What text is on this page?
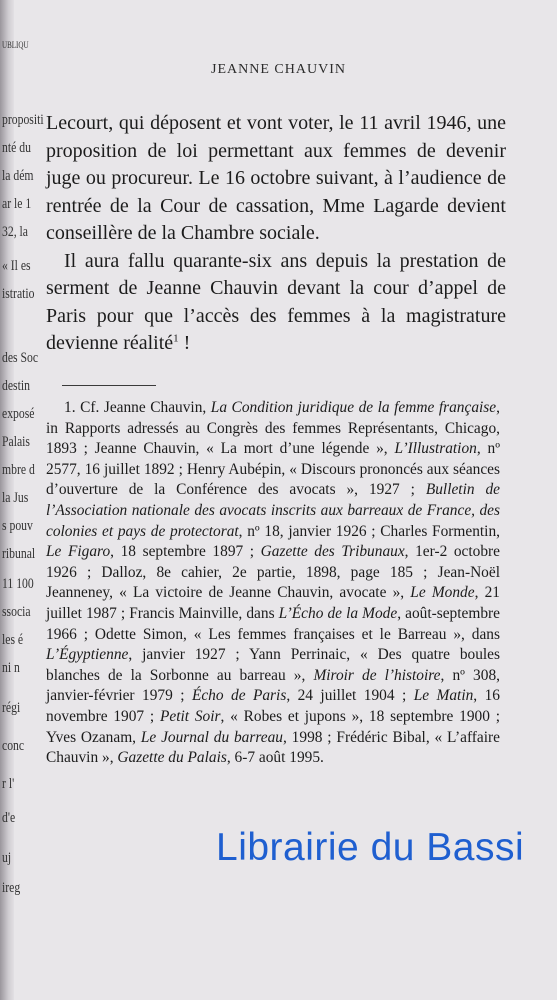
UBLIQU
propositi
nté du
la dém
ar le 1
32, la
« Il es
istratio
des Soc
destin
exposé
Palais
mbre d
la Jus
s pouv
ribunal
11 100
ssocia
les é
ni n
régi
conc
r l'
d'e
uj
ireg
JEANNE CHAUVIN

Lecourt, qui déposent et vont voter, le 11 avril 1946, une proposition de loi permettant aux femmes de devenir juge ou procureur. Le 16 octobre suivant, à l’audience de rentrée de la Cour de cassation, Mme Lagarde devient conseillère de la Chambre sociale.

Il aura fallu quarante-six ans depuis la prestation de serment de Jeanne Chauvin devant la cour d’appel de Paris pour que l’accès des femmes à la magistrature devienne réalité$^1$ !

1. Cf. Jeanne Chauvin, La Condition juridique de la femme française, in Rapports adressés au Congrès des femmes Représentants, Chicago, 1893 ; Jeanne Chauvin, « La mort d’une légende », L’Illustration, nº 2577, 16 juillet 1892 ; Henry Aubépin, « Discours prononcés aux séances d’ouverture de la Conférence des avocats », 1927 ; Bulletin de l’Association nationale des avocats inscrits aux barreaux de France, des colonies et pays de protectorat, nº 18, janvier 1926 ; Charles Formentin, Le Figaro, 18 septembre 1897 ; Gazette des Tribunaux, 1er-2 octobre 1926 ; Dalloz, 8e cahier, 2e partie, 1898, page 185 ; Jean-Noël Jeanneney, « La victoire de Jeanne Chauvin, avocate », Le Monde, 21 juillet 1987 ; Francis Mainville, dans L’Écho de la Mode, août-septembre 1966 ; Odette Simon, « Les femmes françaises et le Barreau », dans L’Égyptienne, janvier 1927 ; Yann Perrinaic, « Des quatre boules blanches de la Sorbonne au barreau », Miroir de l’histoire, nº 308, janvier-février 1979 ; Écho de Paris, 24 juillet 1904 ; Le Matin, 16 novembre 1907 ; Petit Soir, « Robes et jupons », 18 septembre 1900 ; Yves Ozanam, Le Journal du barreau, 1998 ; Frédéric Bibal, « L’affaire Chauvin », Gazette du Palais, 6-7 août 1995.
Librairie du Bassi
